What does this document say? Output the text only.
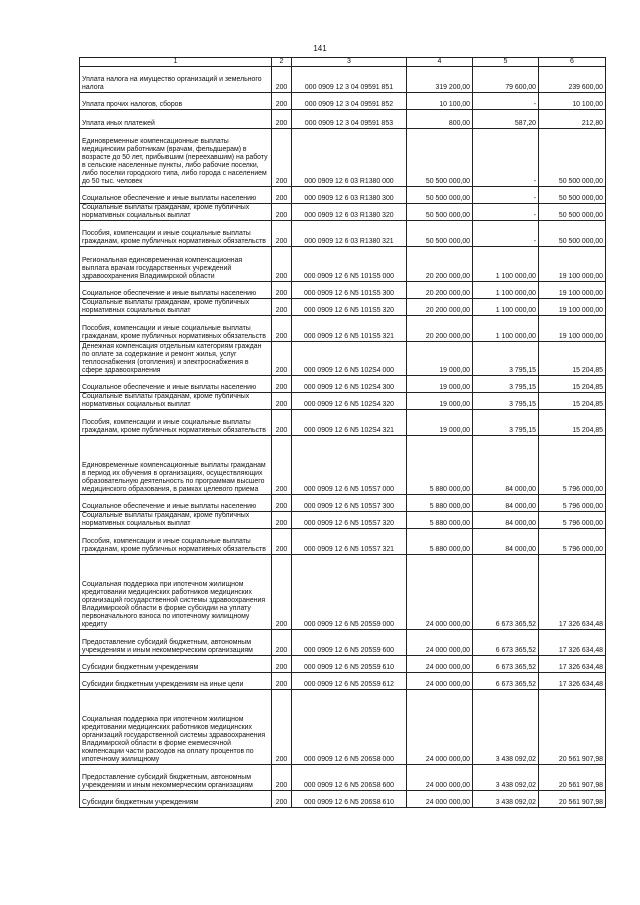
141
1	2	3	4	5	6
Уплата налога на имущество организаций и земельного налога	200	000 0909 12 3 04 09591 851	319 200,00	79 600,00	239 600,00
Уплата прочих налогов, сборов	200	000 0909 12 3 04 09591 852	10 100,00	-	10 100,00
Уплата иных платежей	200	000 0909 12 3 04 09591 853	800,00	587,20	212,80
Единовременные компенсационные выплаты медицинским работникам (врачам, фельдшерам) в возрасте до 50 лет, прибывшим (переехавшим) на работу в сельские населенные пункты, либо рабочие поселки, либо поселки городского типа, либо города с населением до 50 тыс. человек	200	000 0909 12 6 03 R1380 000	50 500 000,00	-	50 500 000,00
Социальное обеспечение и иные выплаты населению	200	000 0909 12 6 03 R1380 300	50 500 000,00	-	50 500 000,00
Социальные выплаты гражданам, кроме публичных нормативных социальных выплат	200	000 0909 12 6 03 R1380 320	50 500 000,00	-	50 500 000,00
Пособия, компенсации и иные социальные выплаты гражданам, кроме публичных нормативных обязательств	200	000 0909 12 6 03 R1380 321	50 500 000,00	-	50 500 000,00
Региональная единовременная компенсационная выплата врачам государственных учреждений здравоохранения Владимирской области	200	000 0909 12 6 N5 101S5 000	20 200 000,00	1 100 000,00	19 100 000,00
Социальное обеспечение и иные выплаты населению	200	000 0909 12 6 N5 101S5 300	20 200 000,00	1 100 000,00	19 100 000,00
Социальные выплаты гражданам, кроме публичных нормативных социальных выплат	200	000 0909 12 6 N5 101S5 320	20 200 000,00	1 100 000,00	19 100 000,00
Пособия, компенсации и иные социальные выплаты гражданам, кроме публичных нормативных обязательств	200	000 0909 12 6 N5 101S5 321	20 200 000,00	1 100 000,00	19 100 000,00
Денежная компенсация отдельным категориям граждан по оплате за содержание и ремонт жилья, услуг теплоснабжения (отопления) и электроснабжения в сфере здравоохранения	200	000 0909 12 6 N5 102S4 000	19 000,00	3 795,15	15 204,85
Социальное обеспечение и иные выплаты населению	200	000 0909 12 6 N5 102S4 300	19 000,00	3 795,15	15 204,85
Социальные выплаты гражданам, кроме публичных нормативных социальных выплат	200	000 0909 12 6 N5 102S4 320	19 000,00	3 795,15	15 204,85
Пособия, компенсации и иные социальные выплаты гражданам, кроме публичных нормативных обязательств	200	000 0909 12 6 N5 102S4 321	19 000,00	3 795,15	15 204,85
Единовременные компенсационные выплаты гражданам в период их обучения в организациях, осуществляющих образовательную деятельность по программам высшего медицинского образования, в рамках целевого приема	200	000 0909 12 6 N5 105S7 000	5 880 000,00	84 000,00	5 796 000,00
Социальное обеспечение и иные выплаты населению	200	000 0909 12 6 N5 105S7 300	5 880 000,00	84 000,00	5 796 000,00
Социальные выплаты гражданам, кроме публичных нормативных социальных выплат	200	000 0909 12 6 N5 105S7 320	5 880 000,00	84 000,00	5 796 000,00
Пособия, компенсации и иные социальные выплаты гражданам, кроме публичных нормативных обязательств	200	000 0909 12 6 N5 105S7 321	5 880 000,00	84 000,00	5 796 000,00
Социальная поддержка при ипотечном жилищном кредитовании медицинских работников медицинских организаций государственной системы здравоохранения Владимирской области в форме субсидии на уплату первоначального взноса по ипотечному жилищному кредиту	200	000 0909 12 6 N5 205S9 000	24 000 000,00	6 673 365,52	17 326 634,48
Предоставление субсидий бюджетным, автономным учреждениям и иным некоммерческим организациям	200	000 0909 12 6 N5 205S9 600	24 000 000,00	6 673 365,52	17 326 634,48
Субсидии бюджетным учреждениям	200	000 0909 12 6 N5 205S9 610	24 000 000,00	6 673 365,52	17 326 634,48
Субсидии бюджетным учреждениям на иные цели	200	000 0909 12 6 N5 205S9 612	24 000 000,00	6 673 365,52	17 326 634,48
Социальная поддержка при ипотечном жилищном кредитовании медицинских работников медицинских организаций государственной системы здравоохранения Владимирской области в форме ежемесячной компенсации части расходов на оплату процентов по ипотечному жилищному	200	000 0909 12 6 N5 206S8 000	24 000 000,00	3 438 092,02	20 561 907,98
Предоставление субсидий бюджетным, автономным учреждениям и иным некоммерческим организациям	200	000 0909 12 6 N5 206S8 600	24 000 000,00	3 438 092,02	20 561 907,98
Субсидии бюджетным учреждениям	200	000 0909 12 6 N5 206S8 610	24 000 000,00	3 438 092,02	20 561 907,98
